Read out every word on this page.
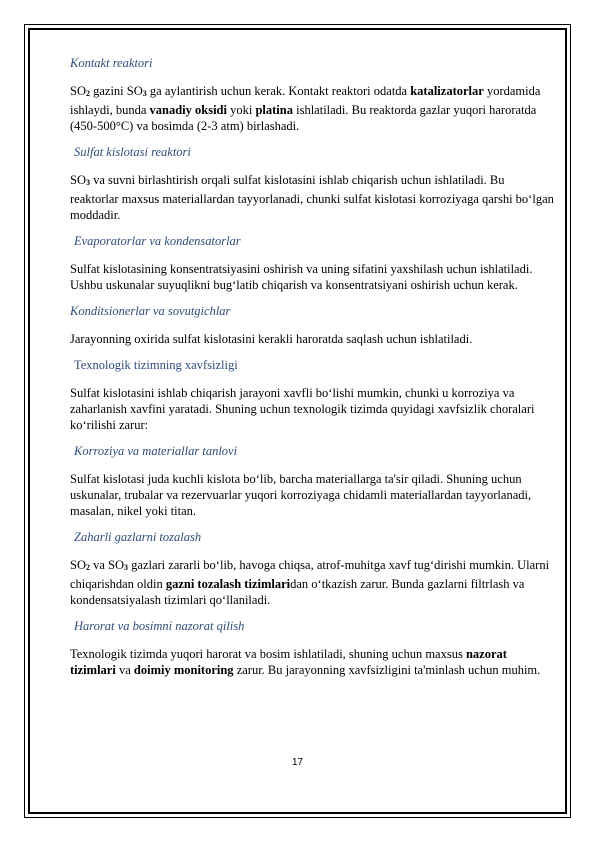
Kontakt reaktori

$SO_2$ gazini $SO_3$ ga aylantirish uchun kerak. Kontakt reaktori odatda katalizatorlar yordamida ishlaydi, bunda vanadiy oksidi yoki platina ishlatiladi. Bu reaktorda gazlar yuqori haroratda (450-500°C) va bosimda (2-3 atm) birlashadi.

Sulfat kislotasi reaktori

$SO_3$ va suvni birlashtirish orqali sulfat kislotasini ishlab chiqarish uchun ishlatiladi. Bu reaktorlar maxsus materiallardan tayyorlanadi, chunki sulfat kislotasi korroziyaga qarshi bo‘lgan moddadir.

Evaporatorlar va kondensatorlar

Sulfat kislotasining konsentratsiyasini oshirish va uning sifatini yaxshilash uchun ishlatiladi. Ushbu uskunalar suyuqlikni bug‘latib chiqarish va konsentratsiyani oshirish uchun kerak.

Konditsionerlar va sovutgichlar

Jarayonning oxirida sulfat kislotasini kerakli haroratda saqlash uchun ishlatiladi.

Texnologik tizimning xavfsizligi

Sulfat kislotasini ishlab chiqarish jarayoni xavfli bo‘lishi mumkin, chunki u korroziya va zaharlanish xavfini yaratadi. Shuning uchun texnologik tizimda quyidagi xavfsizlik choralari ko‘rilishi zarur:

Korroziya va materiallar tanlovi

Sulfat kislotasi juda kuchli kislota bo‘lib, barcha materiallarga ta'sir qiladi. Shuning uchun uskunalar, trubalar va rezervuarlar yuqori korroziyaga chidamli materiallardan tayyorlanadi, masalan, nikel yoki titan.

Zaharli gazlarni tozalash

$SO_2$ va $SO_3$ gazlari zararli bo‘lib, havoga chiqsa, atrof-muhitga xavf tug‘dirishi mumkin. Ularni chiqarishdan oldin gazni tozalash tizimlaridan o‘tkazish zarur. Bunda gazlarni filtrlash va kondensatsiyalash tizimlari qo‘llaniladi.

Harorat va bosimni nazorat qilish

Texnologik tizimda yuqori harorat va bosim ishlatiladi, shuning uchun maxsus nazorat tizimlari va doimiy monitoring zarur. Bu jarayonning xavfsizligini ta'minlash uchun muhim.

17
